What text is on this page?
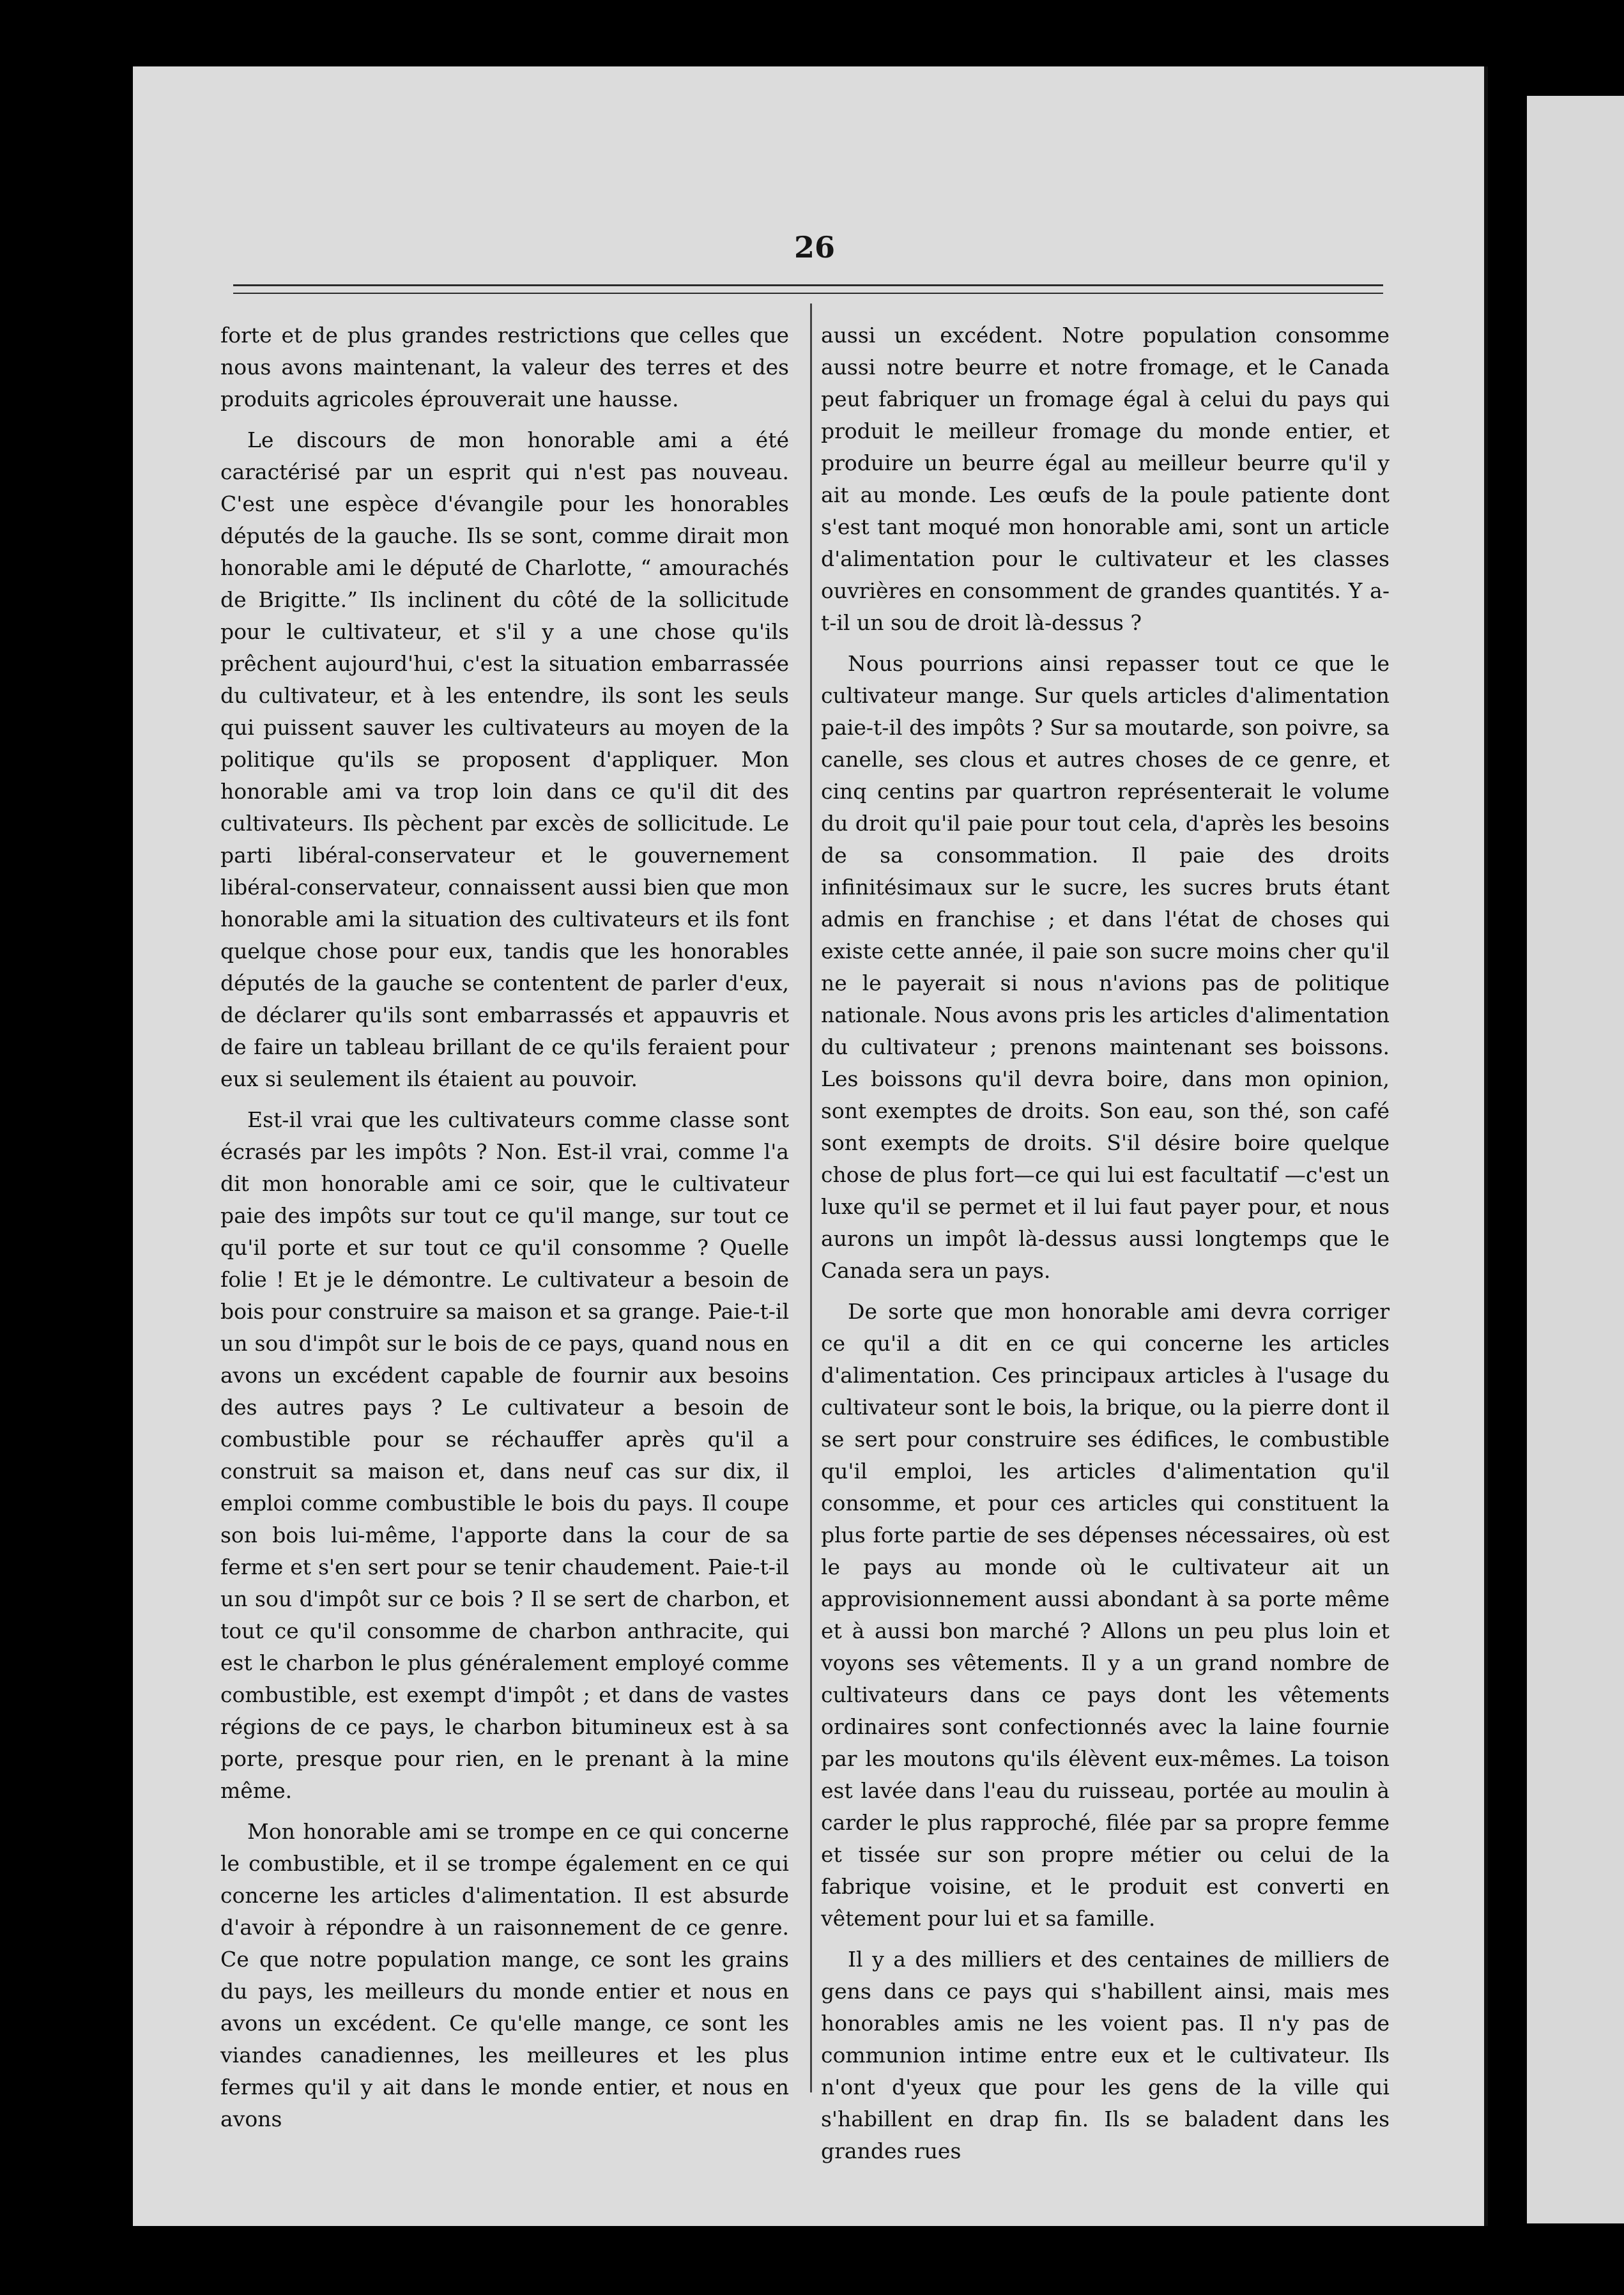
26

forte et de plus grandes restrictions que celles que nous avons maintenant, la valeur des terres et des produits agricoles éprouverait une hausse.

Le discours de mon honorable ami a été caractérisé par un esprit qui n'est pas nouveau. C'est une espèce d'évangile pour les honorables députés de la gauche. Ils se sont, comme dirait mon honorable ami le député de Charlotte, “ amourachés de Brigitte.” Ils inclinent du côté de la sollicitude pour le cultivateur, et s'il y a une chose qu'ils prêchent aujourd'hui, c'est la situation embarrassée du cultivateur, et à les entendre, ils sont les seuls qui puissent sauver les cultivateurs au moyen de la politique qu'ils se proposent d'appliquer. Mon honorable ami va trop loin dans ce qu'il dit des cultivateurs. Ils pèchent par excès de sollicitude. Le parti libéral-conservateur et le gouvernement libéral-conservateur, connaissent aussi bien que mon honorable ami la situation des cultivateurs et ils font quelque chose pour eux, tandis que les honorables députés de la gauche se contentent de parler d'eux, de déclarer qu'ils sont embarrassés et appauvris et de faire un tableau brillant de ce qu'ils feraient pour eux si seulement ils étaient au pouvoir.

Est-il vrai que les cultivateurs comme classe sont écrasés par les impôts ? Non. Est-il vrai, comme l'a dit mon honorable ami ce soir, que le cultivateur paie des impôts sur tout ce qu'il mange, sur tout ce qu'il porte et sur tout ce qu'il consomme ? Quelle folie ! Et je le démontre. Le cultivateur a besoin de bois pour construire sa maison et sa grange. Paie-t-il un sou d'impôt sur le bois de ce pays, quand nous en avons un excédent capable de fournir aux besoins des autres pays ? Le cultivateur a besoin de combustible pour se réchauffer après qu'il a construit sa maison et, dans neuf cas sur dix, il emploi comme combustible le bois du pays. Il coupe son bois lui-même, l'apporte dans la cour de sa ferme et s'en sert pour se tenir chaudement. Paie-t-il un sou d'impôt sur ce bois ? Il se sert de charbon, et tout ce qu'il consomme de charbon anthracite, qui est le charbon le plus généralement employé comme combustible, est exempt d'impôt ; et dans de vastes régions de ce pays, le charbon bitumineux est à sa porte, presque pour rien, en le prenant à la mine même.

Mon honorable ami se trompe en ce qui concerne le combustible, et il se trompe également en ce qui concerne les articles d'alimentation. Il est absurde d'avoir à répondre à un raisonnement de ce genre. Ce que notre population mange, ce sont les grains du pays, les meilleurs du monde entier et nous en avons un excédent. Ce qu'elle mange, ce sont les viandes canadiennes, les meilleures et les plus fermes qu'il y ait dans le monde entier, et nous en avons

aussi un excédent. Notre population consomme aussi notre beurre et notre fromage, et le Canada peut fabriquer un fromage égal à celui du pays qui produit le meilleur fromage du monde entier, et produire un beurre égal au meilleur beurre qu'il y ait au monde. Les œufs de la poule patiente dont s'est tant moqué mon honorable ami, sont un article d'alimentation pour le cultivateur et les classes ouvrières en consomment de grandes quantités. Y a-t-il un sou de droit là-dessus ?

Nous pourrions ainsi repasser tout ce que le cultivateur mange. Sur quels articles d'alimentation paie-t-il des impôts ? Sur sa moutarde, son poivre, sa canelle, ses clous et autres choses de ce genre, et cinq centins par quartron représenterait le volume du droit qu'il paie pour tout cela, d'après les besoins de sa consommation. Il paie des droits infinitésimaux sur le sucre, les sucres bruts étant admis en franchise ; et dans l'état de choses qui existe cette année, il paie son sucre moins cher qu'il ne le payerait si nous n'avions pas de politique nationale. Nous avons pris les articles d'alimentation du cultivateur ; prenons maintenant ses boissons. Les boissons qu'il devra boire, dans mon opinion, sont exemptes de droits. Son eau, son thé, son café sont exempts de droits. S'il désire boire quelque chose de plus fort—ce qui lui est facultatif —c'est un luxe qu'il se permet et il lui faut payer pour, et nous aurons un impôt là-dessus aussi longtemps que le Canada sera un pays.

De sorte que mon honorable ami devra corriger ce qu'il a dit en ce qui concerne les articles d'alimentation. Ces principaux articles à l'usage du cultivateur sont le bois, la brique, ou la pierre dont il se sert pour construire ses édifices, le combustible qu'il emploi, les articles d'alimentation qu'il consomme, et pour ces articles qui constituent la plus forte partie de ses dépenses nécessaires, où est le pays au monde où le cultivateur ait un approvisionnement aussi abondant à sa porte même et à aussi bon marché ? Allons un peu plus loin et voyons ses vêtements. Il y a un grand nombre de cultivateurs dans ce pays dont les vêtements ordinaires sont confectionnés avec la laine fournie par les moutons qu'ils élèvent eux-mêmes. La toison est lavée dans l'eau du ruisseau, portée au moulin à carder le plus rapproché, filée par sa propre femme et tissée sur son propre métier ou celui de la fabrique voisine, et le produit est converti en vêtement pour lui et sa famille.

Il y a des milliers et des centaines de milliers de gens dans ce pays qui s'habillent ainsi, mais mes honorables amis ne les voient pas. Il n'y pas de communion intime entre eux et le cultivateur. Ils n'ont d'yeux que pour les gens de la ville qui s'habillent en drap fin. Ils se baladent dans les grandes rues
